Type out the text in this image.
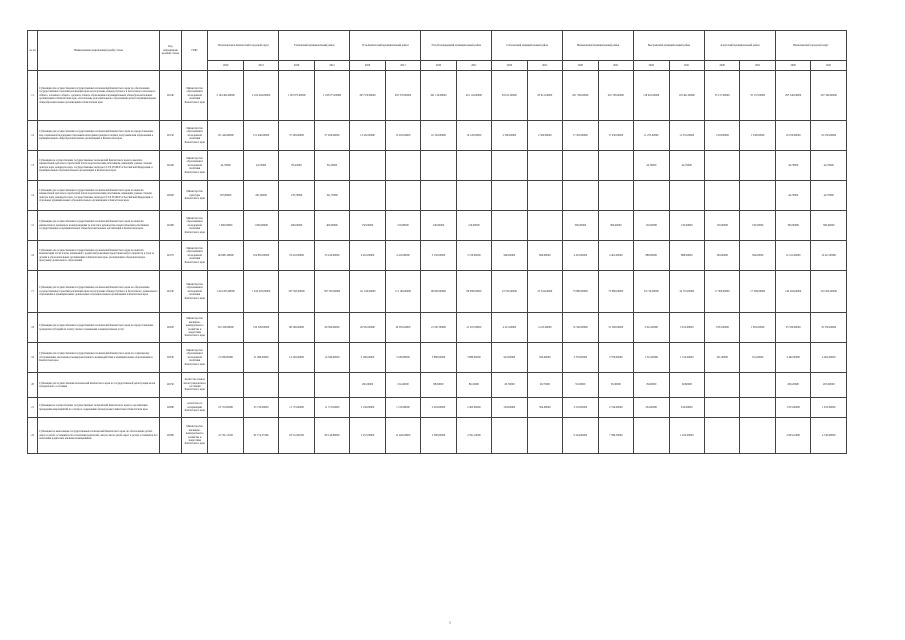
№ пп	Наименование направления (целей) статьи	Код направления целевой статьи	ГРБС	Петропавловск-Камчатский городской округ		Елизовский муниципальный район		Усть-Камчатский муниципальный район		Усть-Большерецкий муниципальный район		Соболевский муниципальный район		Мильковский муниципальный район		Быстринский муниципальный район		Алеутский муниципальный район		Вилючинский городской округ	
				2020	2021	2020	2021	2020	2021	2020	2021	2020	2021	2020	2021	2020	2021	2020	2021	2020	2021
11	Субвенции для осуществления государственных полномочий Камчатского края по обеспечению государственных гарантий реализации прав на получение общедоступного и бесплатного начального общего, основного общего, среднего общего образования в муниципальных общеобразовательных организациях в Камчатском крае, обеспечение дополнительного образования детей в муниципальных общеобразовательных организациях в Камчатском крае	40140	Министерство образования и молодежной политики Камчатского края	2 104 404,00000	2 104 404,00000	1 193 075,00000	1 193 075,00000	205 370,00000	205 370,00000	201 116,00000	201 116,00000	83 611,00000	83 611,00000	201 706,00000	201 706,00000	118 461,00000	118 461,00000	35 157,00000	35 157,00000	297 340,00000	297 340,00000
12	Субвенции для осуществления государственных полномочий Камчатского края по предоставлению мер социальной поддержки отдельным категориям граждан в период получения ими образования в муниципальных общеобразовательных организациях в Камчатском крае	40150	Министерство образования и молодежной политики Камчатского края	151 440,00000	151 440,00000	37 209,00000	37 209,00000	13 452,00000	13 452,00000	10 120,00000	10 120,00000	2 300,00000	2 300,00000	17 450,00000	17 450,00000	11 255,00000	11 255,00000	1 918,00000	1 918,00000	10 250,00000	10 250,00000
13	Субвенции на осуществление государственных полномочий Камчатского края по выплате ежемесячной доплаты к заработной плате педагогическим работникам, имеющим ученые степени доктора наук, кандидата наук, государственные награды СССР, РСФСР и Российской Федерации, в муниципальных образовательных организациях в Камчатском крае	40190	Министерство образования и молодежной политики Камчатского края	44,70000	44,70000	85,45000	85,45000									44,70000	44,70000			44,70000	44,70000
14	Субвенции для осуществления государственных полномочий Камчатского края по выплате ежемесячной доплаты к заработной плате педагогическим работникам, имеющим ученые степени доктора наук, кандидата наук, государственные награды СССР, РСФСР и Российской Федерации, в отдельных муниципальных образовательных организациях в Камчатском крае	40200	Министерство культуры Камчатского края	187,80000	201,90000	178,70000	191,70000													44,70000	44,70000
15	Субвенции для осуществления государственных полномочий Камчатского края по выплате ежемесячного денежного вознаграждения за классное руководство педагогическим работникам государственных и муниципальных общеобразовательных организаций в Камчатском крае	40180	Министерство образования и молодежной политики Камчатского края	1 600,00000	1 600,00000	400,00000	400,00000	150,00000	150,00000	120,00000	120,00000			300,00000	300,00000	150,00000	150,00000	150,00000	150,00000	300,00000	300,00000
16	Субвенции для осуществления государственных полномочий Камчатского края по выплате компенсации части платы, взимаемой с родителей (законных представителей) за присмотр и уход за детьми в образовательных организациях в Камчатском крае, реализующих образовательную программу дошкольного образования	40170	Министерство образования и молодежной политики Камчатского края	104 881,00000	104 881,00000	33 410,00000	33 410,00000	4 410,00000	4 410,00000	5 150,00000	5 150,00000	960,00000	960,00000	4 401,00000	4 401,00000	888,00000	888,00000	364,00000	364,00000	12 411,00000	12 411,00000
17	Субвенции для осуществления государственных полномочий Камчатского края по обеспечению государственных гарантий реализации прав на получение общедоступного и бесплатного дошкольного образования в муниципальных дошкольных образовательных организациях в Камчатском крае	40130	Министерство образования и молодежной политики Камчатского края	1 619 203,00000	1 619 203,00000	507 565,00000	507 565,00000	111 160,00000	111 160,00000	89 699,00000	89 699,00000	23 534,00000	23 534,00000	75 880,00000	75 880,00000	34 710,00000	34 710,00000	17 309,00000	17 309,00000	210 204,00000	210 204,00000
18	Субвенции для осуществления государственных полномочий Камчатского края по предоставлению гражданам субсидий на оплату жилого помещения и коммунальных услуг	40320	Министерство жилищно-коммунального хозяйства и энергетики Камчатского края	310 328,00000	310 328,00000	96 566,00000	96 566,00000	20 952,00000	20 952,00000	21 297,00000	21 297,00000	4 415,00000	4 415,00000	31 560,00000	31 560,00000	3 912,00000	3 912,00000	1 855,00000	1 855,00000	35 330,00000	35 330,00000
19	Субвенции для осуществления государственных полномочий Камчатского края по социальному обслуживанию населения и межведомственного взаимодействия в муниципальных образованиях в Камчатском крае	40330	Министерство образования и молодежной политики Камчатского края	21 096,00000	21 096,00000	14 340,00000	14 340,00000	3 180,00000	3 180,00000	3 880,00000	3 880,00000	943,00000	943,00000	3 376,00000	3 376,00000	1 312,00000	1 312,00000	321,00000	321,00000	4 462,00000	4 462,00000
20	Субвенции для осуществления полномочий Камчатского края по государственной регистрации актов гражданского состояния	40150	Агентство записи актов гражданского состояния Камчатского края					160,20000	152,40000	88,00000	86,10000	20,70000	20,70000	55,00000	56,30000	29,00000	29,80000			200,20000	205,00000
21	Субвенции на осуществление государственных полномочий Камчатского края по организации проведения мероприятий по отлову и содержанию безнадзорных животных в Камчатском крае	40280	Агентство по ветеринарии Камчатского края	23 710,00000	23 710,00000	11 713,00000	11 713,00000	1 156,00000	1 156,00000	2 403,00000	2 403,00000	504,00000	504,00000	2 516,00000	2 516,00000	434,00000	434,00000			1 813,00000	1 813,00000
22	Субвенции на выполнение государственных полномочий Камчатского края по обеспечению детей-сирот и детей, оставшихся без попечения родителей, лиц из числа детей-сирот и детей, оставшихся без попечения родителей, жилыми помещениями	40580	Министерство жилищно-коммунального хозяйства и энергетики Камчатского края	41 791,13100	92 174,35196	63 512,60100	80 144,80000	1 257,00000	12 420,00000	2 580,00000	2 591,10000			9 244,00000	7 586,50000		1 454,30000			2 603,10000	4 316,00000
1
